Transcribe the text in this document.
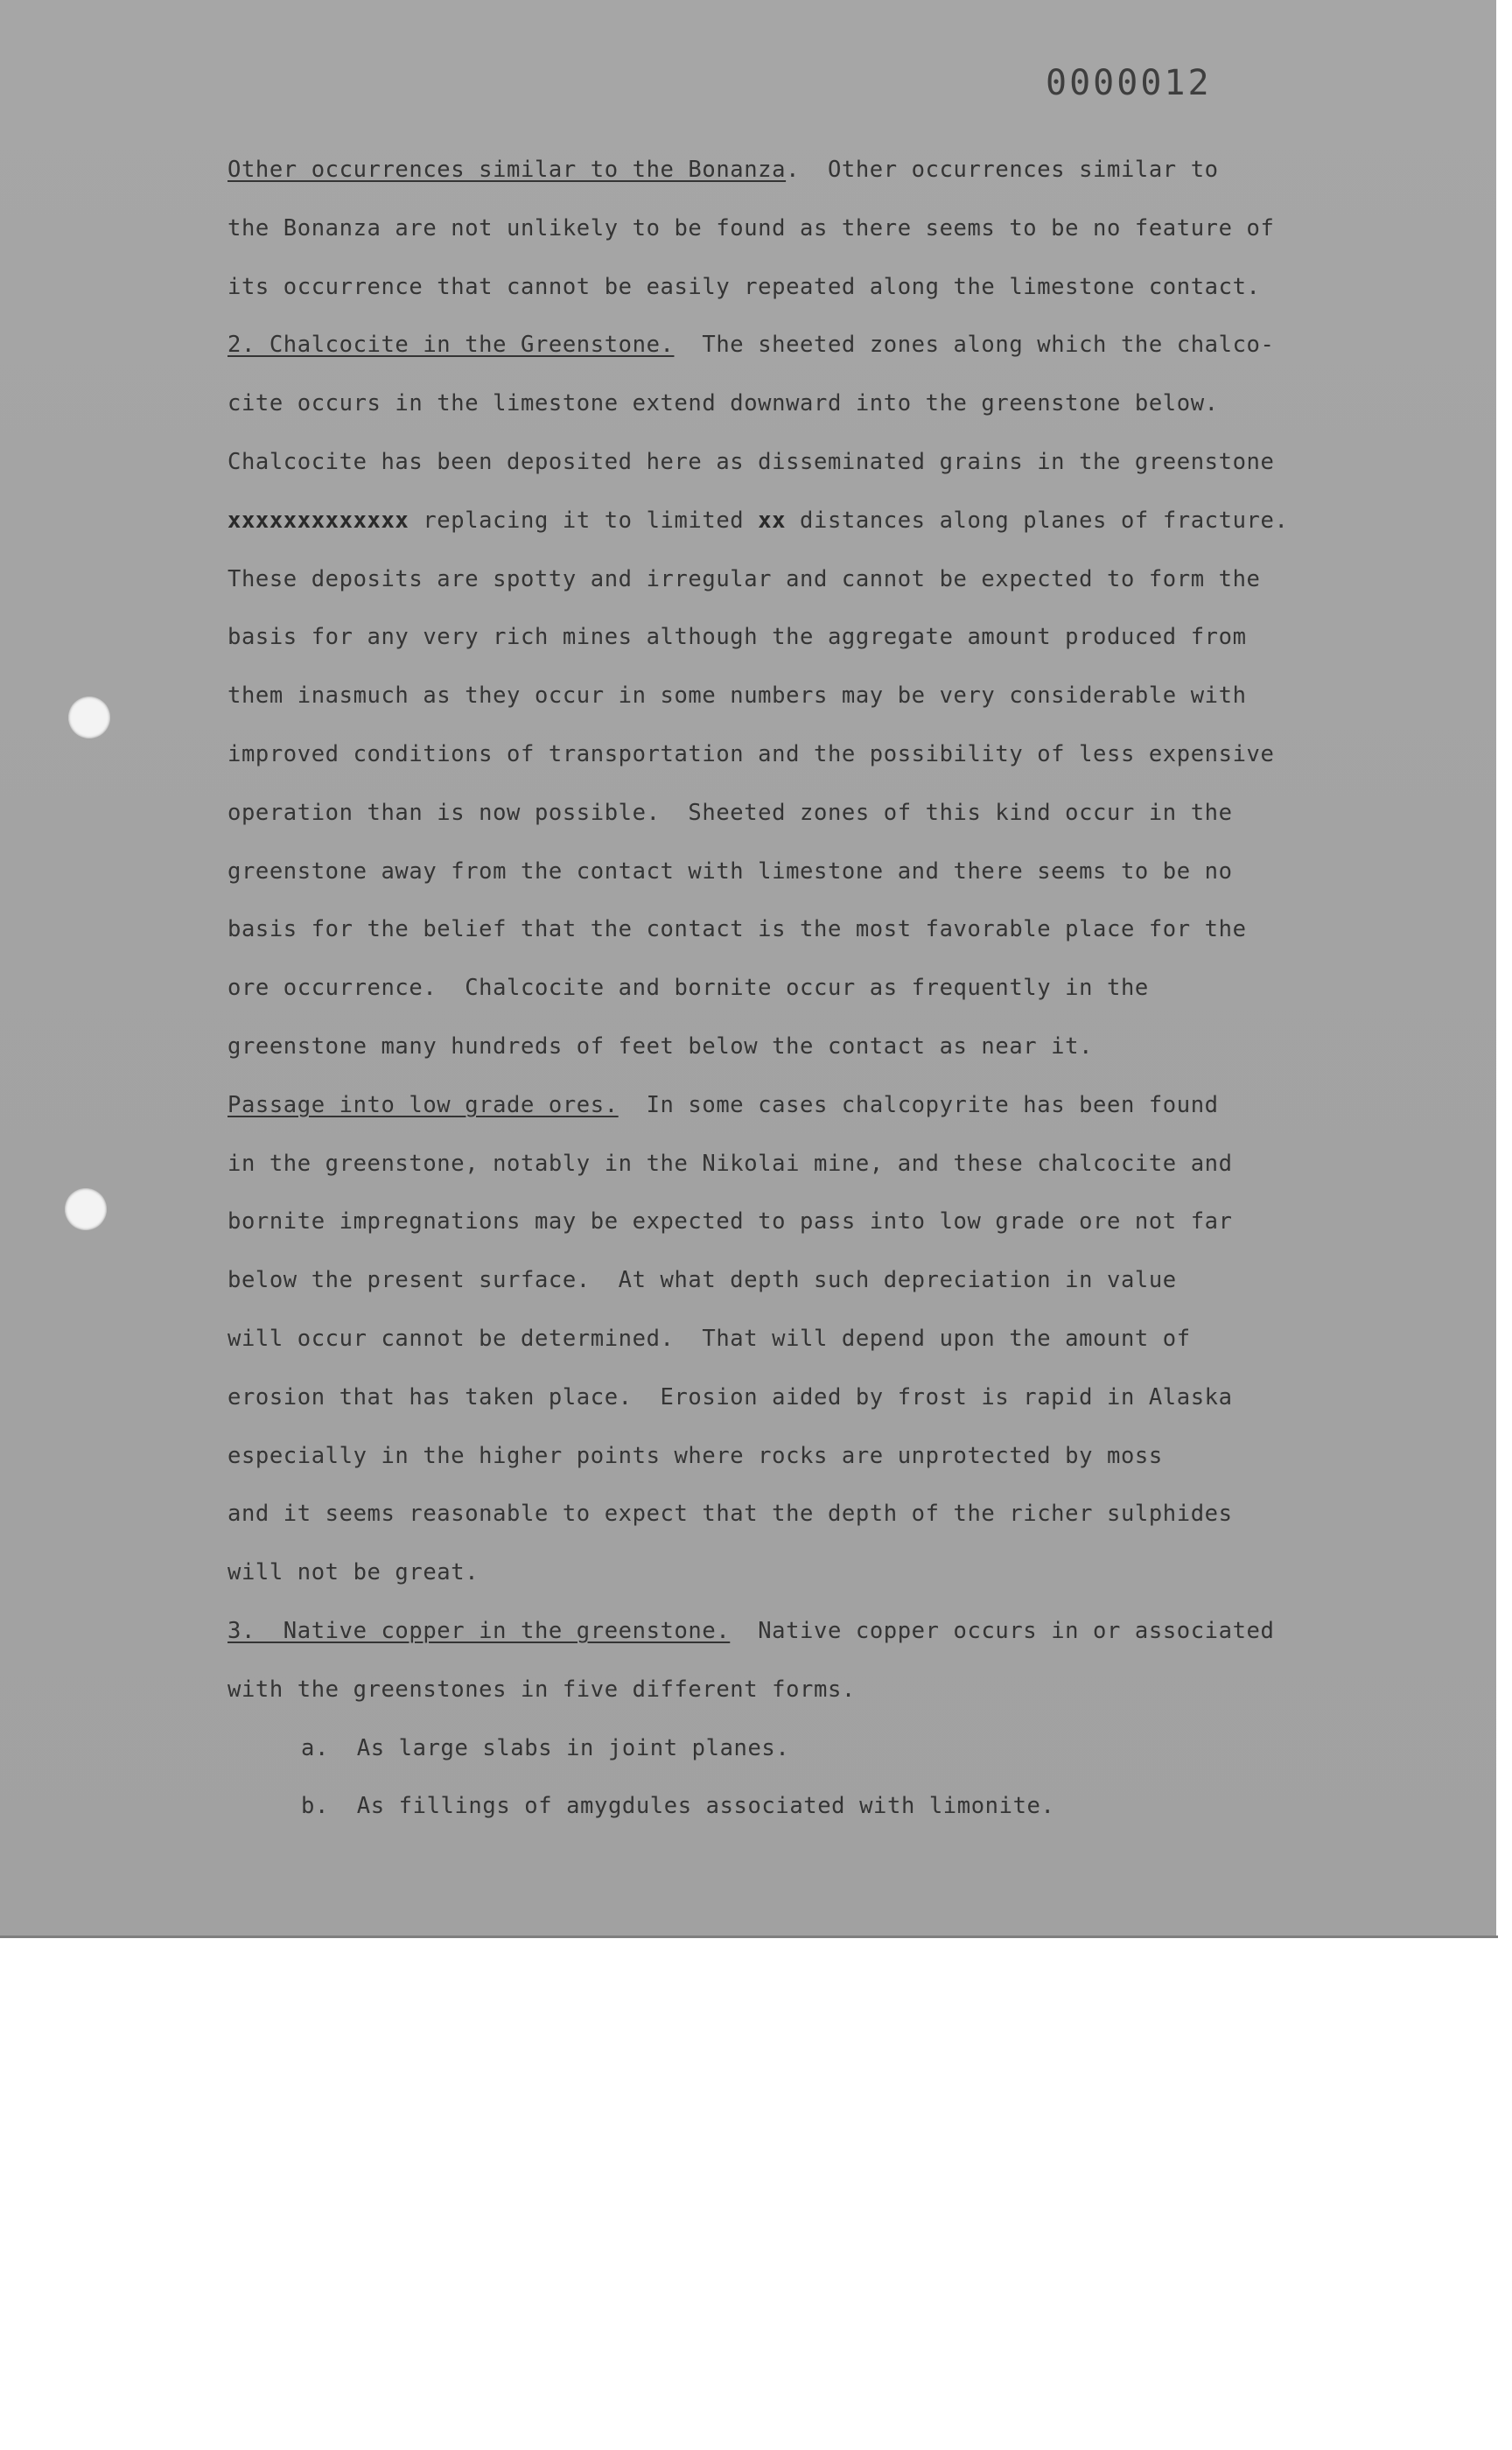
0000012

Other occurrences similar to the Bonanza.  Other occurrences similar to
the Bonanza are not unlikely to be found as there seems to be no feature of
its occurrence that cannot be easily repeated along the limestone contact.
2. Chalcocite in the Greenstone.  The sheeted zones along which the chalco-
cite occurs in the limestone extend downward into the greenstone below.
Chalcocite has been deposited here as disseminated grains in the greenstone
xxxxxxxxxxxxx replacing it to limited xx distances along planes of fracture.
These deposits are spotty and irregular and cannot be expected to form the
basis for any very rich mines although the aggregate amount produced from
them inasmuch as they occur in some numbers may be very considerable with
improved conditions of transportation and the possibility of less expensive
operation than is now possible.  Sheeted zones of this kind occur in the
greenstone away from the contact with limestone and there seems to be no
basis for the belief that the contact is the most favorable place for the
ore occurrence.  Chalcocite and bornite occur as frequently in the
greenstone many hundreds of feet below the contact as near it.
Passage into low grade ores.  In some cases chalcopyrite has been found
in the greenstone, notably in the Nikolai mine, and these chalcocite and
bornite impregnations may be expected to pass into low grade ore not far
below the present surface.  At what depth such depreciation in value
will occur cannot be determined.  That will depend upon the amount of
erosion that has taken place.  Erosion aided by frost is rapid in Alaska
especially in the higher points where rocks are unprotected by moss
and it seems reasonable to expect that the depth of the richer sulphides
will not be great.
3.  Native copper in the greenstone.  Native copper occurs in or associated
with the greenstones in five different forms.
a.  As large slabs in joint planes.
b.  As fillings of amygdules associated with limonite.
